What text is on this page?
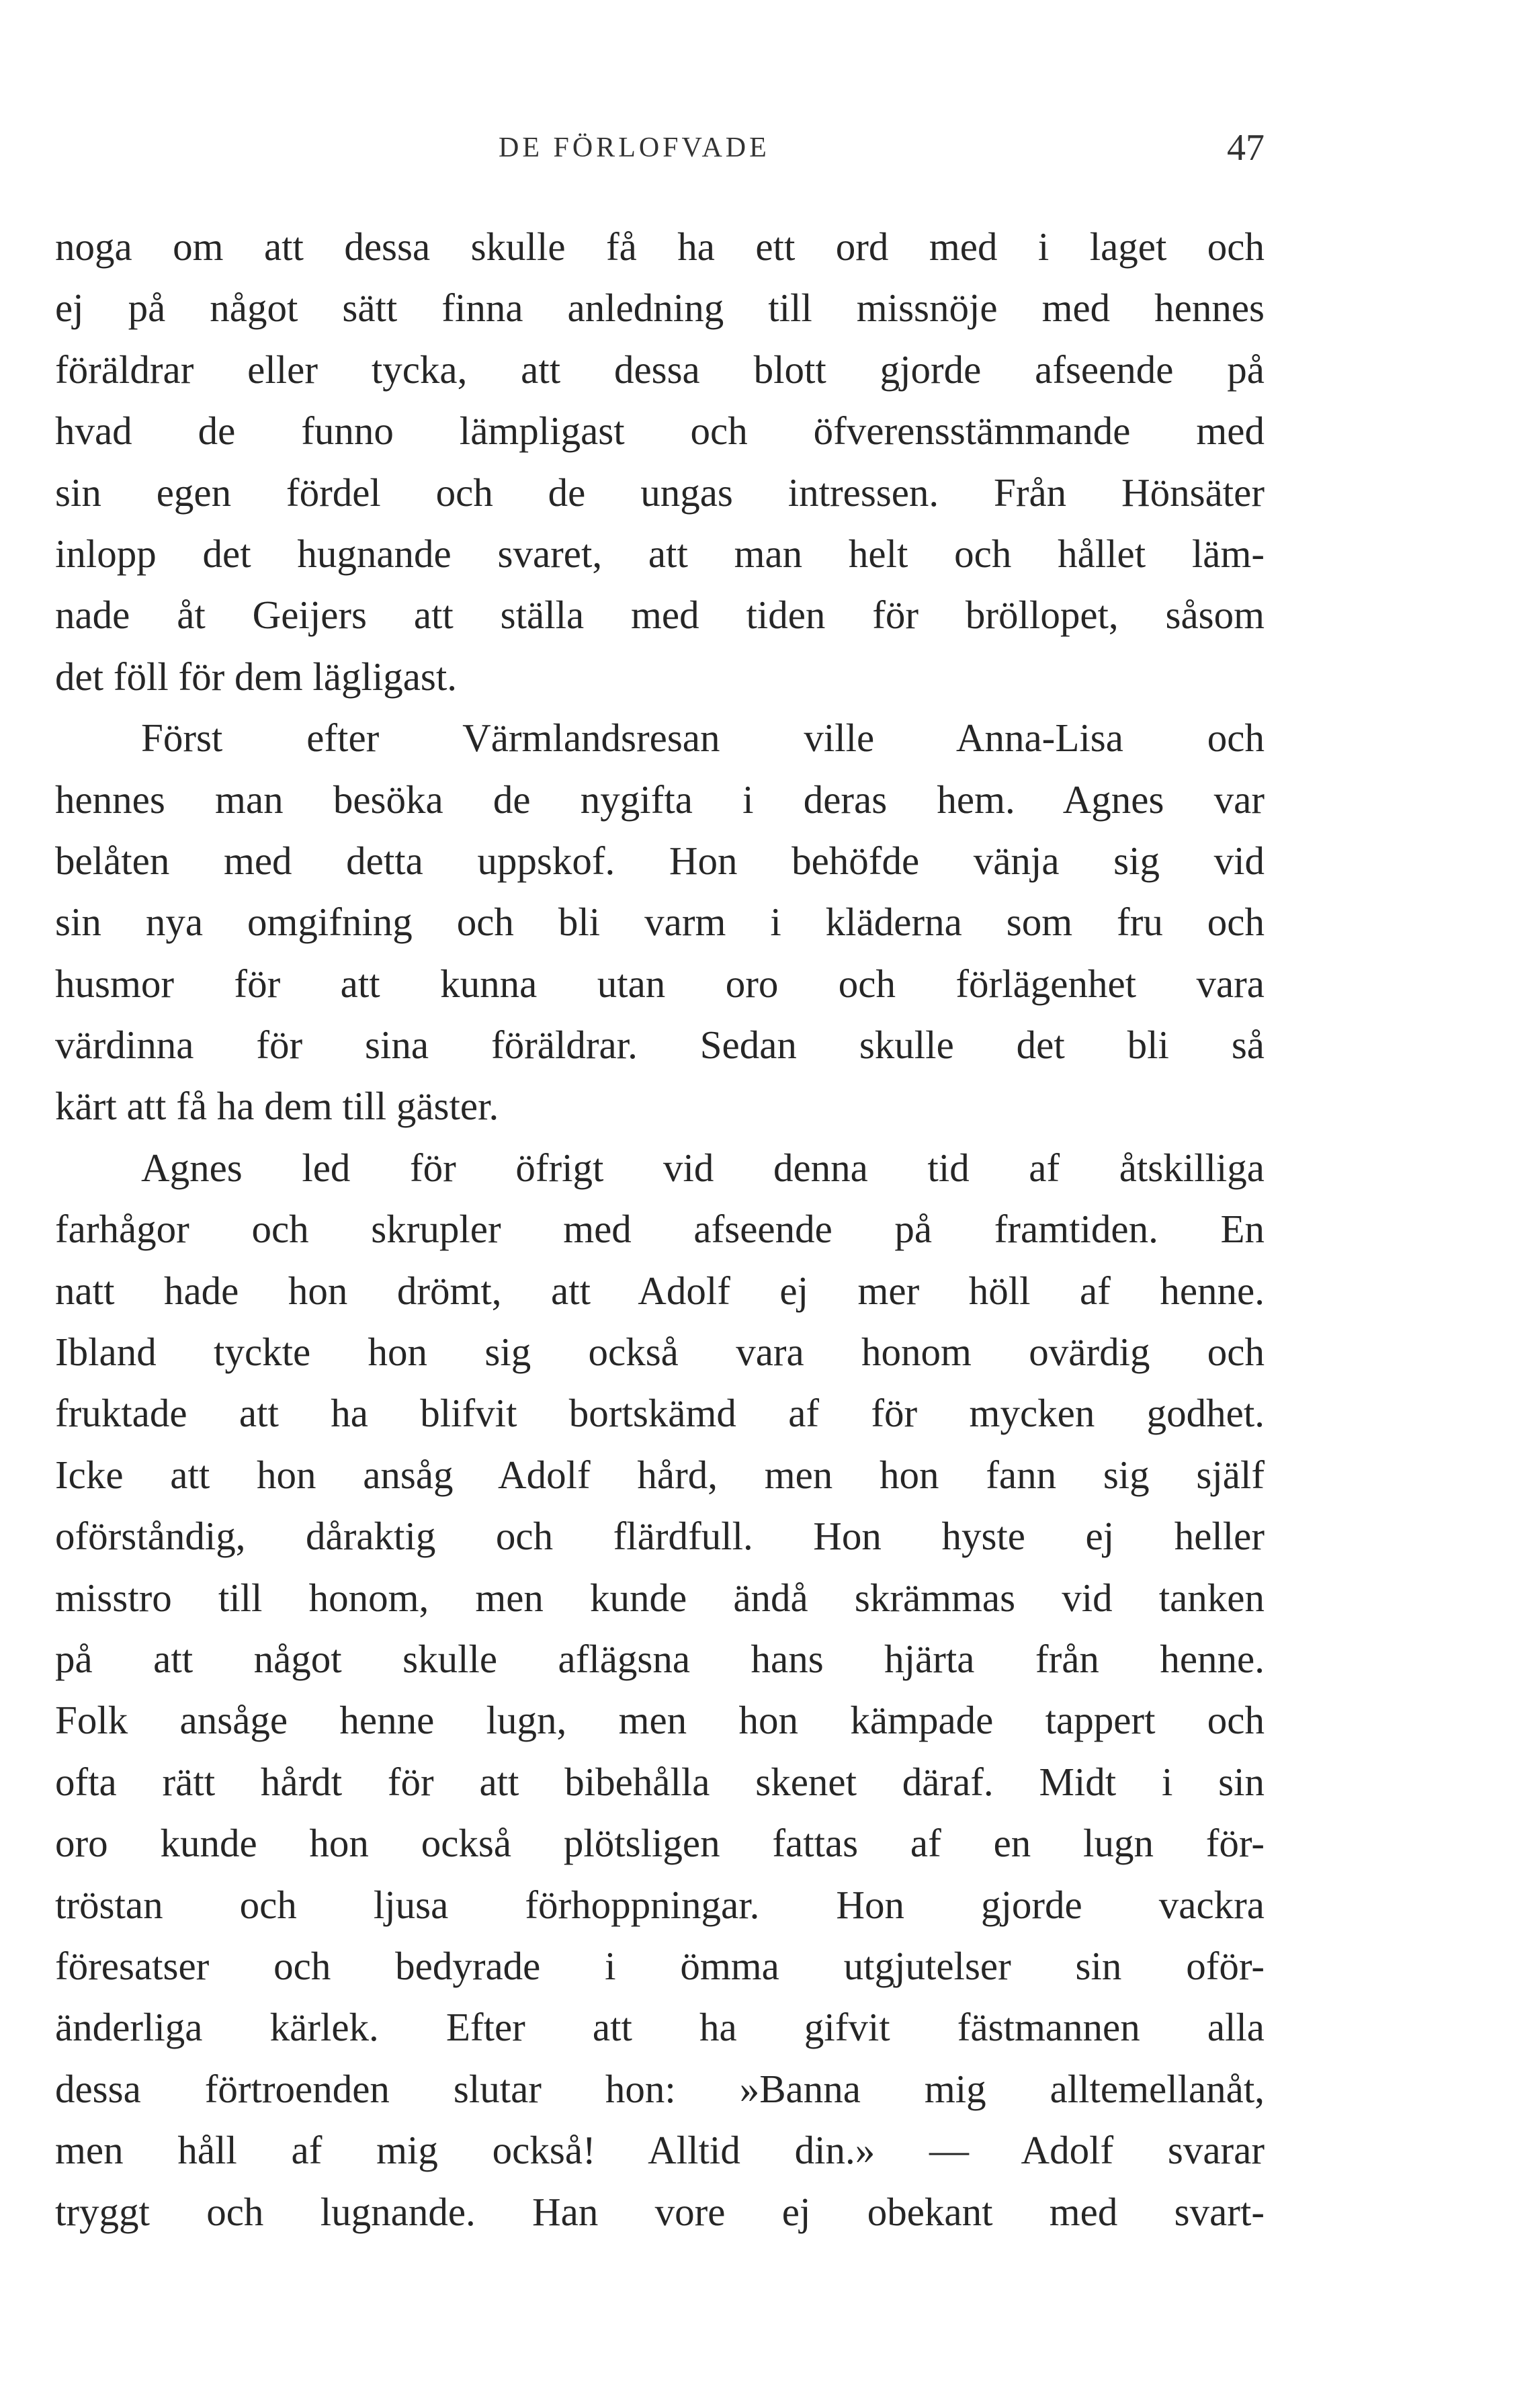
DE FÖRLOFVADE	47
noga om att dessa skulle få ha ett ord med i laget och
ej på något sätt finna anledning till missnöje med hennes
föräldrar eller tycka, att dessa blott gjorde afseende på
hvad de funno lämpligast och öfverensstämmande med
sin egen fördel och de ungas intressen. Från Hönsäter
inlopp det hugnande svaret, att man helt och hållet läm-
nade åt Geijers att ställa med tiden för bröllopet, såsom
det föll för dem lägligast.
Först efter Värmlandsresan ville Anna-Lisa och
hennes man besöka de nygifta i deras hem. Agnes var
belåten med detta uppskof. Hon behöfde vänja sig vid
sin nya omgifning och bli varm i kläderna som fru och
husmor för att kunna utan oro och förlägenhet vara
värdinna för sina föräldrar. Sedan skulle det bli så
kärt att få ha dem till gäster.
Agnes led för öfrigt vid denna tid af åtskilliga
farhågor och skrupler med afseende på framtiden. En
natt hade hon drömt, att Adolf ej mer höll af henne.
Ibland tyckte hon sig också vara honom ovärdig och
fruktade att ha blifvit bortskämd af för mycken godhet.
Icke att hon ansåg Adolf hård, men hon fann sig själf
oförståndig, dåraktig och flärdfull. Hon hyste ej heller
misstro till honom, men kunde ändå skrämmas vid tanken
på att något skulle aflägsna hans hjärta från henne.
Folk ansåge henne lugn, men hon kämpade tappert och
ofta rätt hårdt för att bibehålla skenet däraf. Midt i sin
oro kunde hon också plötsligen fattas af en lugn för-
tröstan och ljusa förhoppningar. Hon gjorde vackra
föresatser och bedyrade i ömma utgjutelser sin oför-
änderliga kärlek. Efter att ha gifvit fästmannen alla
dessa förtroenden slutar hon: »Banna mig alltemellanåt,
men håll af mig också! Alltid din.» — Adolf svarar
tryggt och lugnande. Han vore ej obekant med svart-
